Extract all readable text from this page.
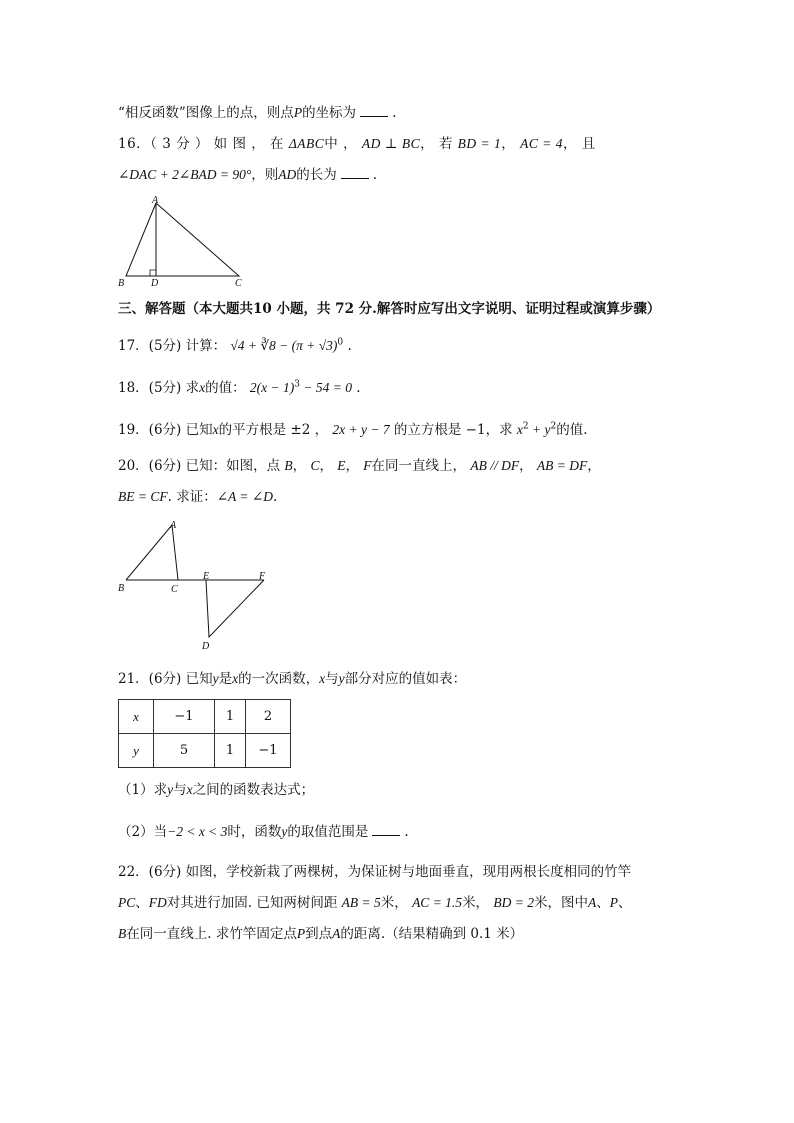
“相反函数”图像上的点，则点P的坐标为	.
16．（ 3 分 ） 如 图 ， 在 ΔABC中 ， AD ⊥ BC， 若 BD = 1， AC = 4， 且
∠DAC + 2∠BAD = 90°，则AD的长为	.
A
B	D	C
三、解答题（本大题共10 小题，共 72 分.解答时应写出文字说明、证明过程或演算步骤）
17．(5分) 计算： √4 + ∛8 − $(\pi + √3)^0$ .
18．(5分) 求x的值： $2(x - 1)^3 - 54 = 0$ .
19．(6分) 已知x的平方根是 ±2 ， 2x + y − 7 的立方根是 −1，求 $x^2 + y^2$的值.
20．(6分) 已知：如图，点 B， C， E， F在同一直线上， AB // DF， AB = DF，
BE = CF. 求证：∠A = ∠D.
A
B	C
E	F
D
21．(6分) 已知y是x的一次函数，x与y部分对应的值如表：
x	−1	1	2
y	5	1	−1
（1）求y与x之间的函数表达式；
（2）当−2 < x < 3时，函数y的取值范围是	.
22．(6分) 如图，学校新栽了两棵树，为保证树与地面垂直，现用两根长度相同的竹竿
PC、FD对其进行加固. 已知两树间距 AB = 5米， AC = 1.5米， BD = 2米，图中A、P、
B在同一直线上. 求竹竿固定点P到点A的距离.（结果精确到 0.1 米）
